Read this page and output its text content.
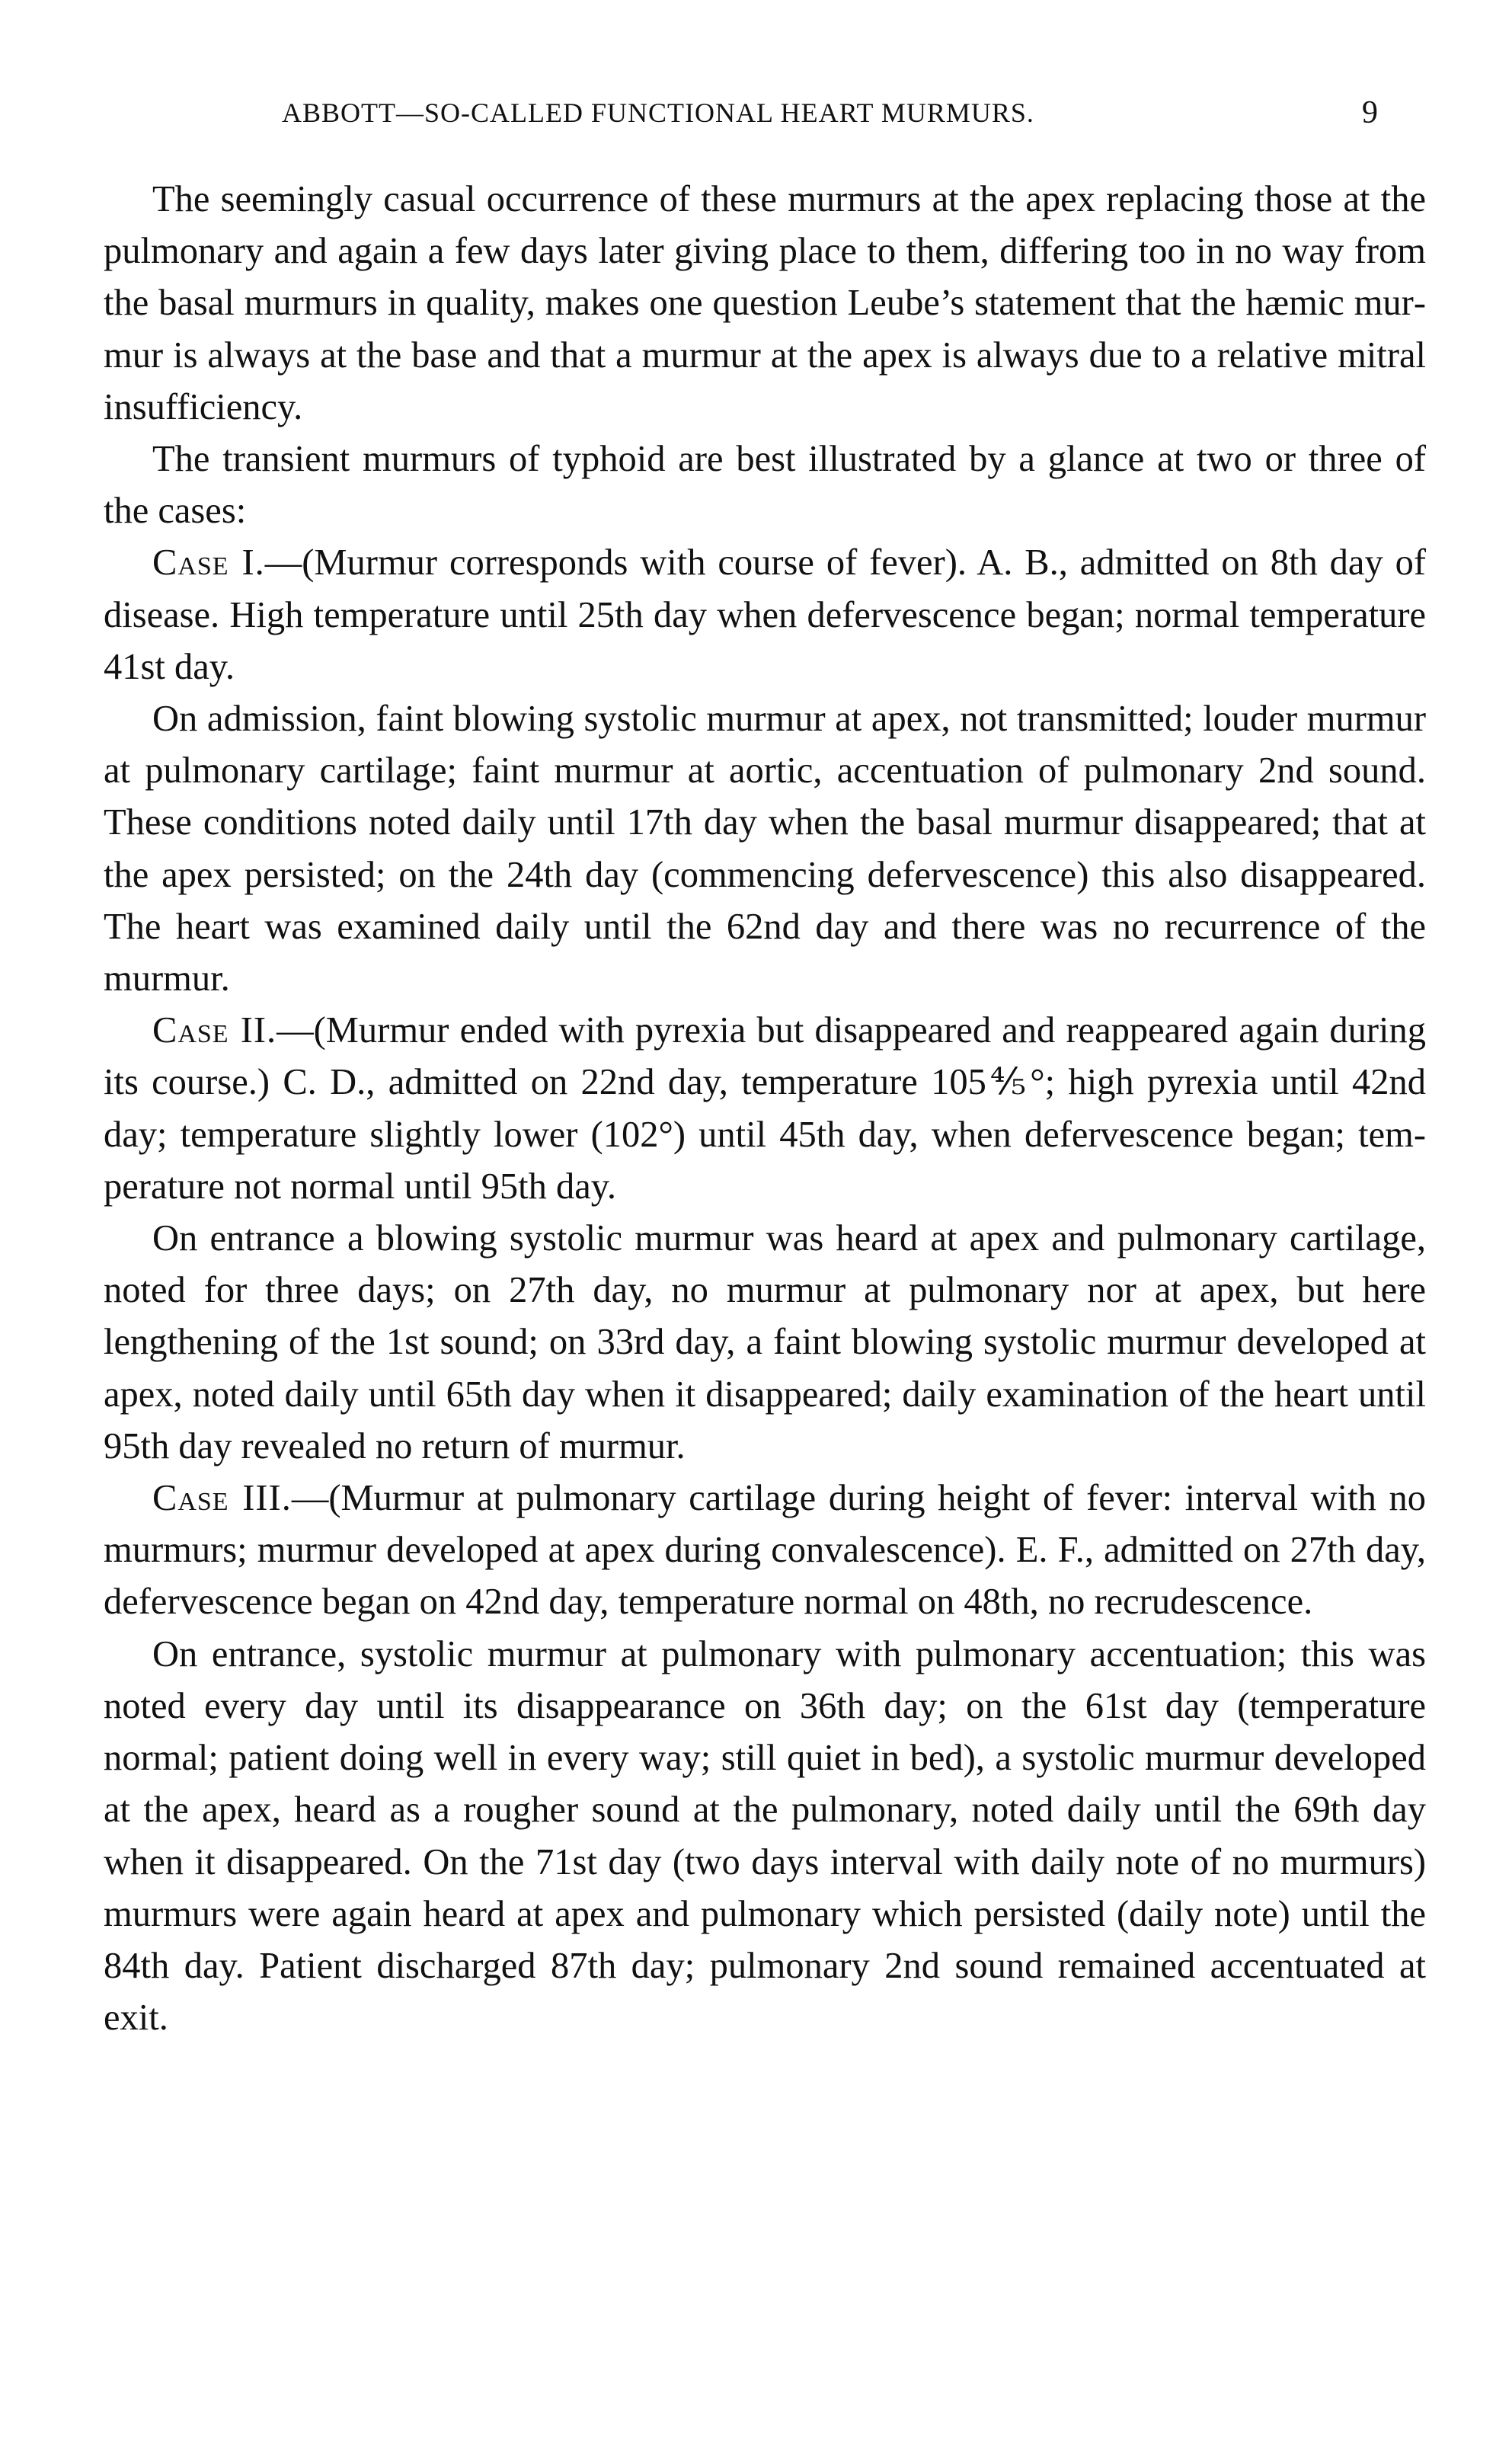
ABBOTT—SO-CALLED FUNCTIONAL HEART MURMURS.	9

The seemingly casual occurrence of these murmurs at the apex replacing those at the pulmonary and again a few days later giving place to them, differing too in no way from the basal murmurs in quality, makes one question Leube’s statement that the hæmic murmur is always at the base and that a murmur at the apex is always due to a relative mitral insufficiency.

The transient murmurs of typhoid are best illustrated by a glance at two or three of the cases:

Case I.—(Murmur corresponds with course of fever). A. B., admitted on 8th day of disease. High temperature until 25th day when defervescence began; normal temperature 41st day.

On admission, faint blowing systolic murmur at apex, not transmitted; louder murmur at pulmonary cartilage; faint murmur at aortic, accentuation of pulmonary 2nd sound. These conditions noted daily until 17th day when the basal murmur disappeared; that at the apex persisted; on the 24th day (commencing defervescence) this also disappeared. The heart was examined daily until the 62nd day and there was no recurrence of the murmur.

Case II.—(Murmur ended with pyrexia but disappeared and reappeared again during its course.) C. D., admitted on 22nd day, temperature 105⅘°; high pyrexia until 42nd day; temperature slightly lower (102°) until 45th day, when defervescence began; temperature not normal until 95th day.

On entrance a blowing systolic murmur was heard at apex and pulmonary cartilage, noted for three days; on 27th day, no murmur at pulmonary nor at apex, but here lengthening of the 1st sound; on 33rd day, a faint blowing systolic murmur developed at apex, noted daily until 65th day when it disappeared; daily examination of the heart until 95th day revealed no return of murmur.

Case III.—(Murmur at pulmonary cartilage during height of fever: interval with no murmurs; murmur developed at apex during convalescence). E. F., admitted on 27th day, defervescence began on 42nd day, temperature normal on 48th, no recrudescence.

On entrance, systolic murmur at pulmonary with pulmonary accentuation; this was noted every day until its disappearance on 36th day; on the 61st day (temperature normal; patient doing well in every way; still quiet in bed), a systolic murmur developed at the apex, heard as a rougher sound at the pulmonary, noted daily until the 69th day when it disappeared. On the 71st day (two days interval with daily note of no murmurs) murmurs were again heard at apex and pulmonary which persisted (daily note) until the 84th day. Patient discharged 87th day; pulmonary 2nd sound remained accentuated at exit.
